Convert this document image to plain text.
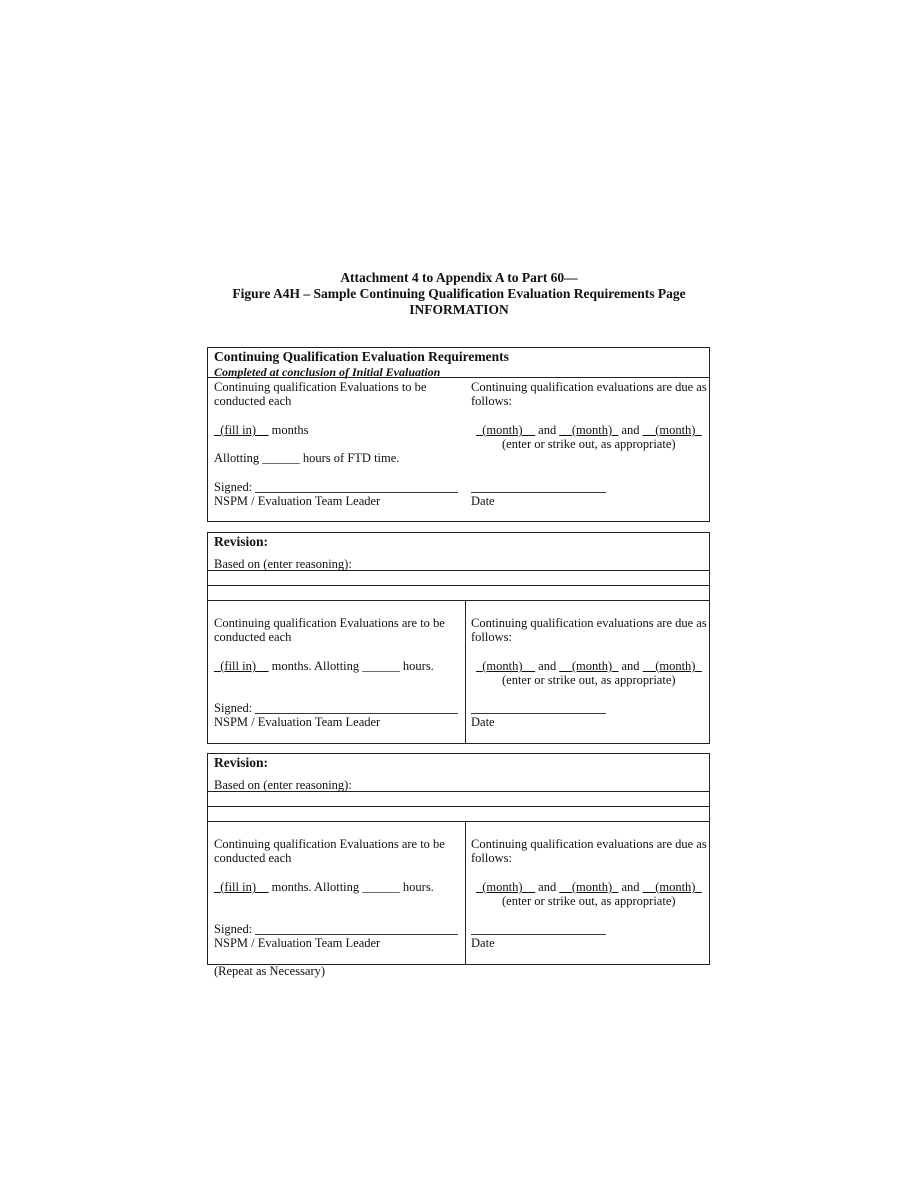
Attachment 4 to Appendix A to Part 60—
Figure A4H – Sample Continuing Qualification Evaluation Requirements Page
INFORMATION
Continuing Qualification Evaluation Requirements
Completed at conclusion of Initial Evaluation
Continuing qualification Evaluations to be
conducted each
_(fill in)__ months
Allotting ______ hours of FTD time.
Signed:
NSPM / Evaluation Team Leader
Continuing qualification evaluations are due as
follows:
_(month)__ and __(month)_ and __(month)_
(enter or strike out, as appropriate)
Date
Revision:
Based on (enter reasoning):
Continuing qualification Evaluations are to be
conducted each
_(fill in)__ months. Allotting ______ hours.
Signed:
NSPM / Evaluation Team Leader
Continuing qualification evaluations are due as
follows:
_(month)__ and __(month)_ and __(month)_
(enter or strike out, as appropriate)
Date
Revision:
Based on (enter reasoning):
Continuing qualification Evaluations are to be
conducted each
_(fill in)__ months. Allotting ______ hours.
Signed:
NSPM / Evaluation Team Leader
Continuing qualification evaluations are due as
follows:
_(month)__ and __(month)_ and __(month)_
(enter or strike out, as appropriate)
Date
(Repeat as Necessary)
